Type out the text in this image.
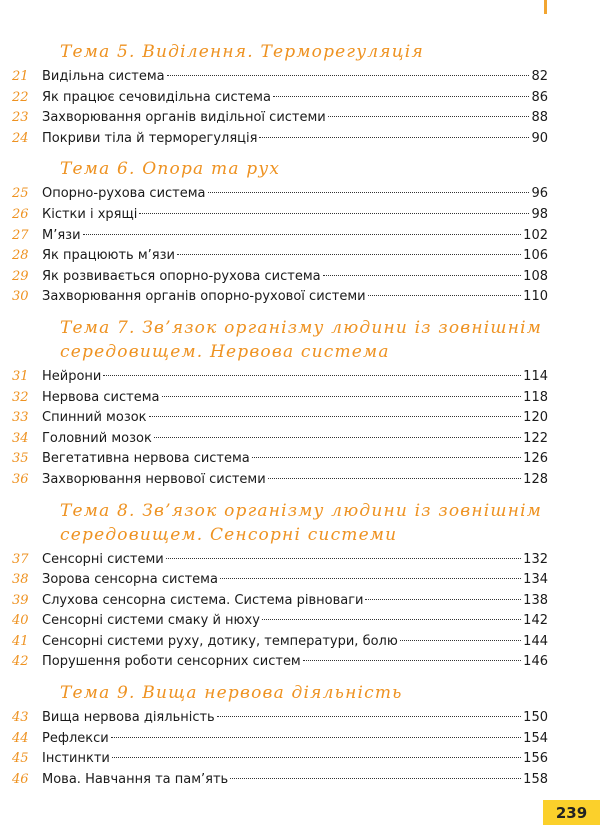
Тема 5. Виділення. Терморегуляція
21	Видільна система	82
22	Як працює сечовидільна система	86
23	Захворювання органів видільної системи	88
24	Покриви тіла й терморегуляція	90
Тема 6. Опора та рух
25	Опорно-рухова система	96
26	Кістки і хрящі	98
27	М’язи	102
28	Як працюють м’язи	106
29	Як розвивається опорно-рухова система	108
30	Захворювання органів опорно-рухової системи	110
Тема 7. Зв’язок організму людини із зовнішнім
середовищем. Нервова система
31	Нейрони	114
32	Нервова система	118
33	Спинний мозок	120
34	Головний мозок	122
35	Вегетативна нервова система	126
36	Захворювання нервової системи	128
Тема 8. Зв’язок організму людини із зовнішнім
середовищем. Сенсорні системи
37	Сенсорні системи	132
38	Зорова сенсорна система	134
39	Слухова сенсорна система. Система рівноваги	138
40	Сенсорні системи смаку й нюху	142
41	Сенсорні системи руху, дотику, температури, болю	144
42	Порушення роботи сенсорних систем	146
Тема 9. Вища нервова діяльність
43	Вища нервова діяльність	150
44	Рефлекси	154
45	Інстинкти	156
46	Мова. Навчання та пам’ять	158
239
